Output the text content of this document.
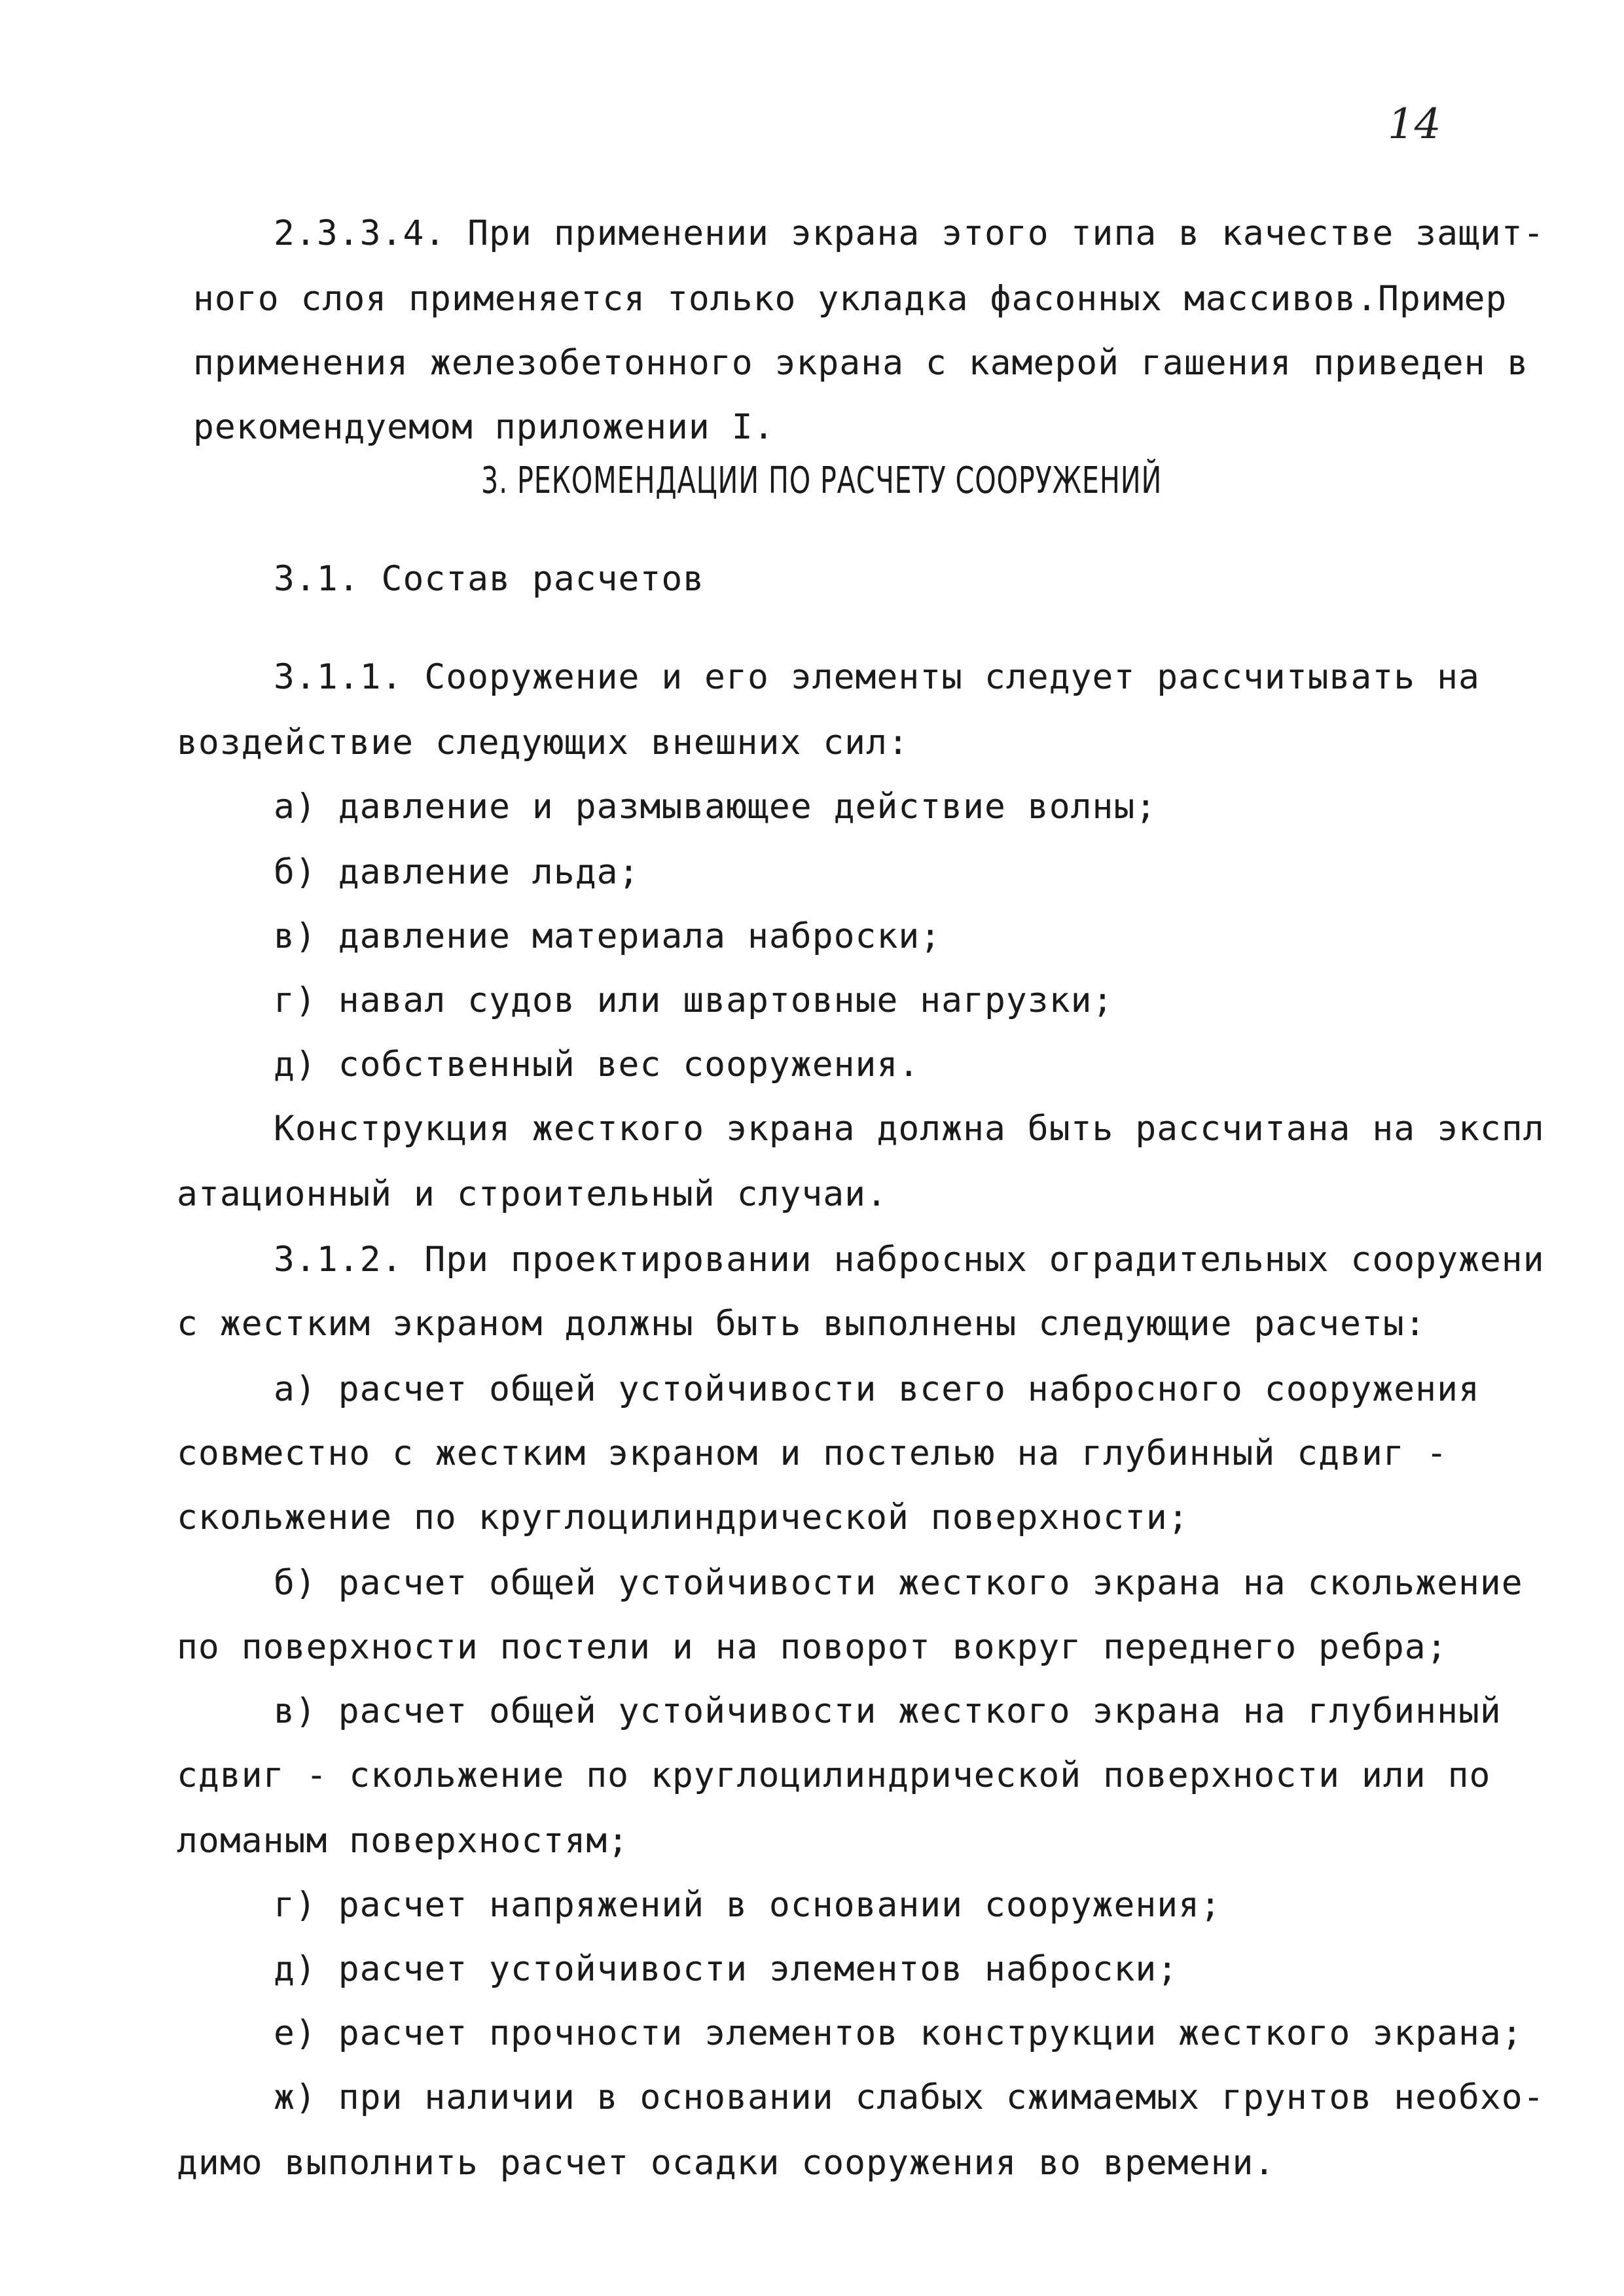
14
2.3.3.4. При применении экрана этого типа в качестве защит-
ного слоя применяется только укладка фасонных массивов.Пример
применения железобетонного экрана с камерой гашения приведен в
рекомендуемом приложении I.
3. РЕКОМЕНДАЦИИ ПО РАСЧЕТУ СООРУЖЕНИЙ
3.1. Состав расчетов
3.1.1. Сооружение и его элементы следует рассчитывать на
воздействие следующих внешних сил:
а) давление и размывающее действие волны;
б) давление льда;
в) давление материала наброски;
г) навал судов или швартовные нагрузки;
д) собственный вес сооружения.
Конструкция жесткого экрана должна быть рассчитана на экспл
атационный и строительный случаи.
3.1.2. При проектировании набросных оградительных сооружени
с жестким экраном должны быть выполнены следующие расчеты:
а) расчет общей устойчивости всего набросного сооружения
совместно с жестким экраном и постелью на глубинный сдвиг -
скольжение по круглоцилиндрической поверхности;
б) расчет общей устойчивости жесткого экрана на скольжение
по поверхности постели и на поворот вокруг переднего ребра;
в) расчет общей устойчивости жесткого экрана на глубинный
сдвиг - скольжение по круглоцилиндрической поверхности или по
ломаным поверхностям;
г) расчет напряжений в основании сооружения;
д) расчет устойчивости элементов наброски;
е) расчет прочности элементов конструкции жесткого экрана;
ж) при наличии в основании слабых сжимаемых грунтов необхо-
димо выполнить расчет осадки сооружения во времени.
